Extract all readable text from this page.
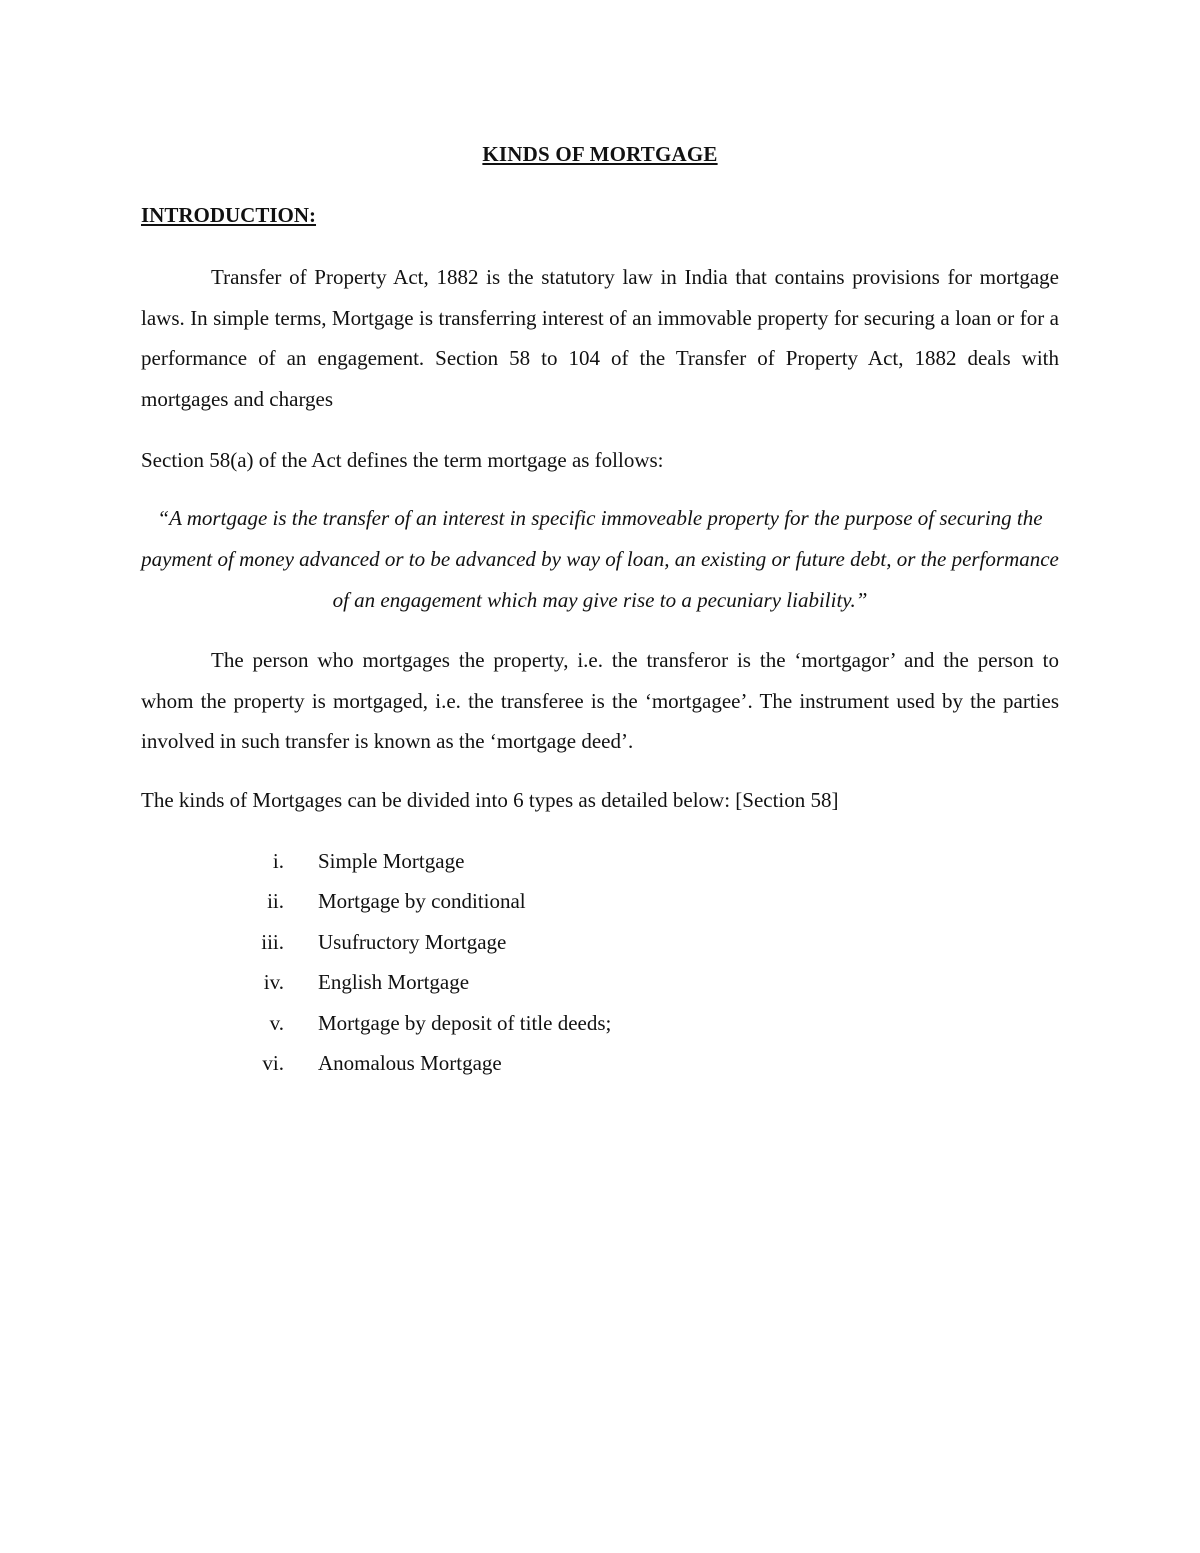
KINDS OF MORTGAGE
INTRODUCTION:

Transfer of Property Act, 1882 is the statutory law in India that contains provisions for mortgage laws. In simple terms, Mortgage is transferring interest of an immovable property for securing a loan or for a performance of an engagement. Section 58 to 104 of the Transfer of Property Act, 1882 deals with mortgages and charges

Section 58(a) of the Act defines the term mortgage as follows:

“A mortgage is the transfer of an interest in specific immoveable property for the purpose of securing the payment of money advanced or to be advanced by way of loan, an existing or future debt, or the performance of an engagement which may give rise to a pecuniary liability.”

The person who mortgages the property, i.e. the transferor is the ‘mortgagor’ and the person to whom the property is mortgaged, i.e. the transferee is the ‘mortgagee’. The instrument used by the parties involved in such transfer is known as the ‘mortgage deed’.

The kinds of Mortgages can be divided into 6 types as detailed below: [Section 58]

i. Simple Mortgage
ii. Mortgage by conditional
iii. Usufructory Mortgage
iv. English Mortgage
v. Mortgage by deposit of title deeds;
vi. Anomalous Mortgage
